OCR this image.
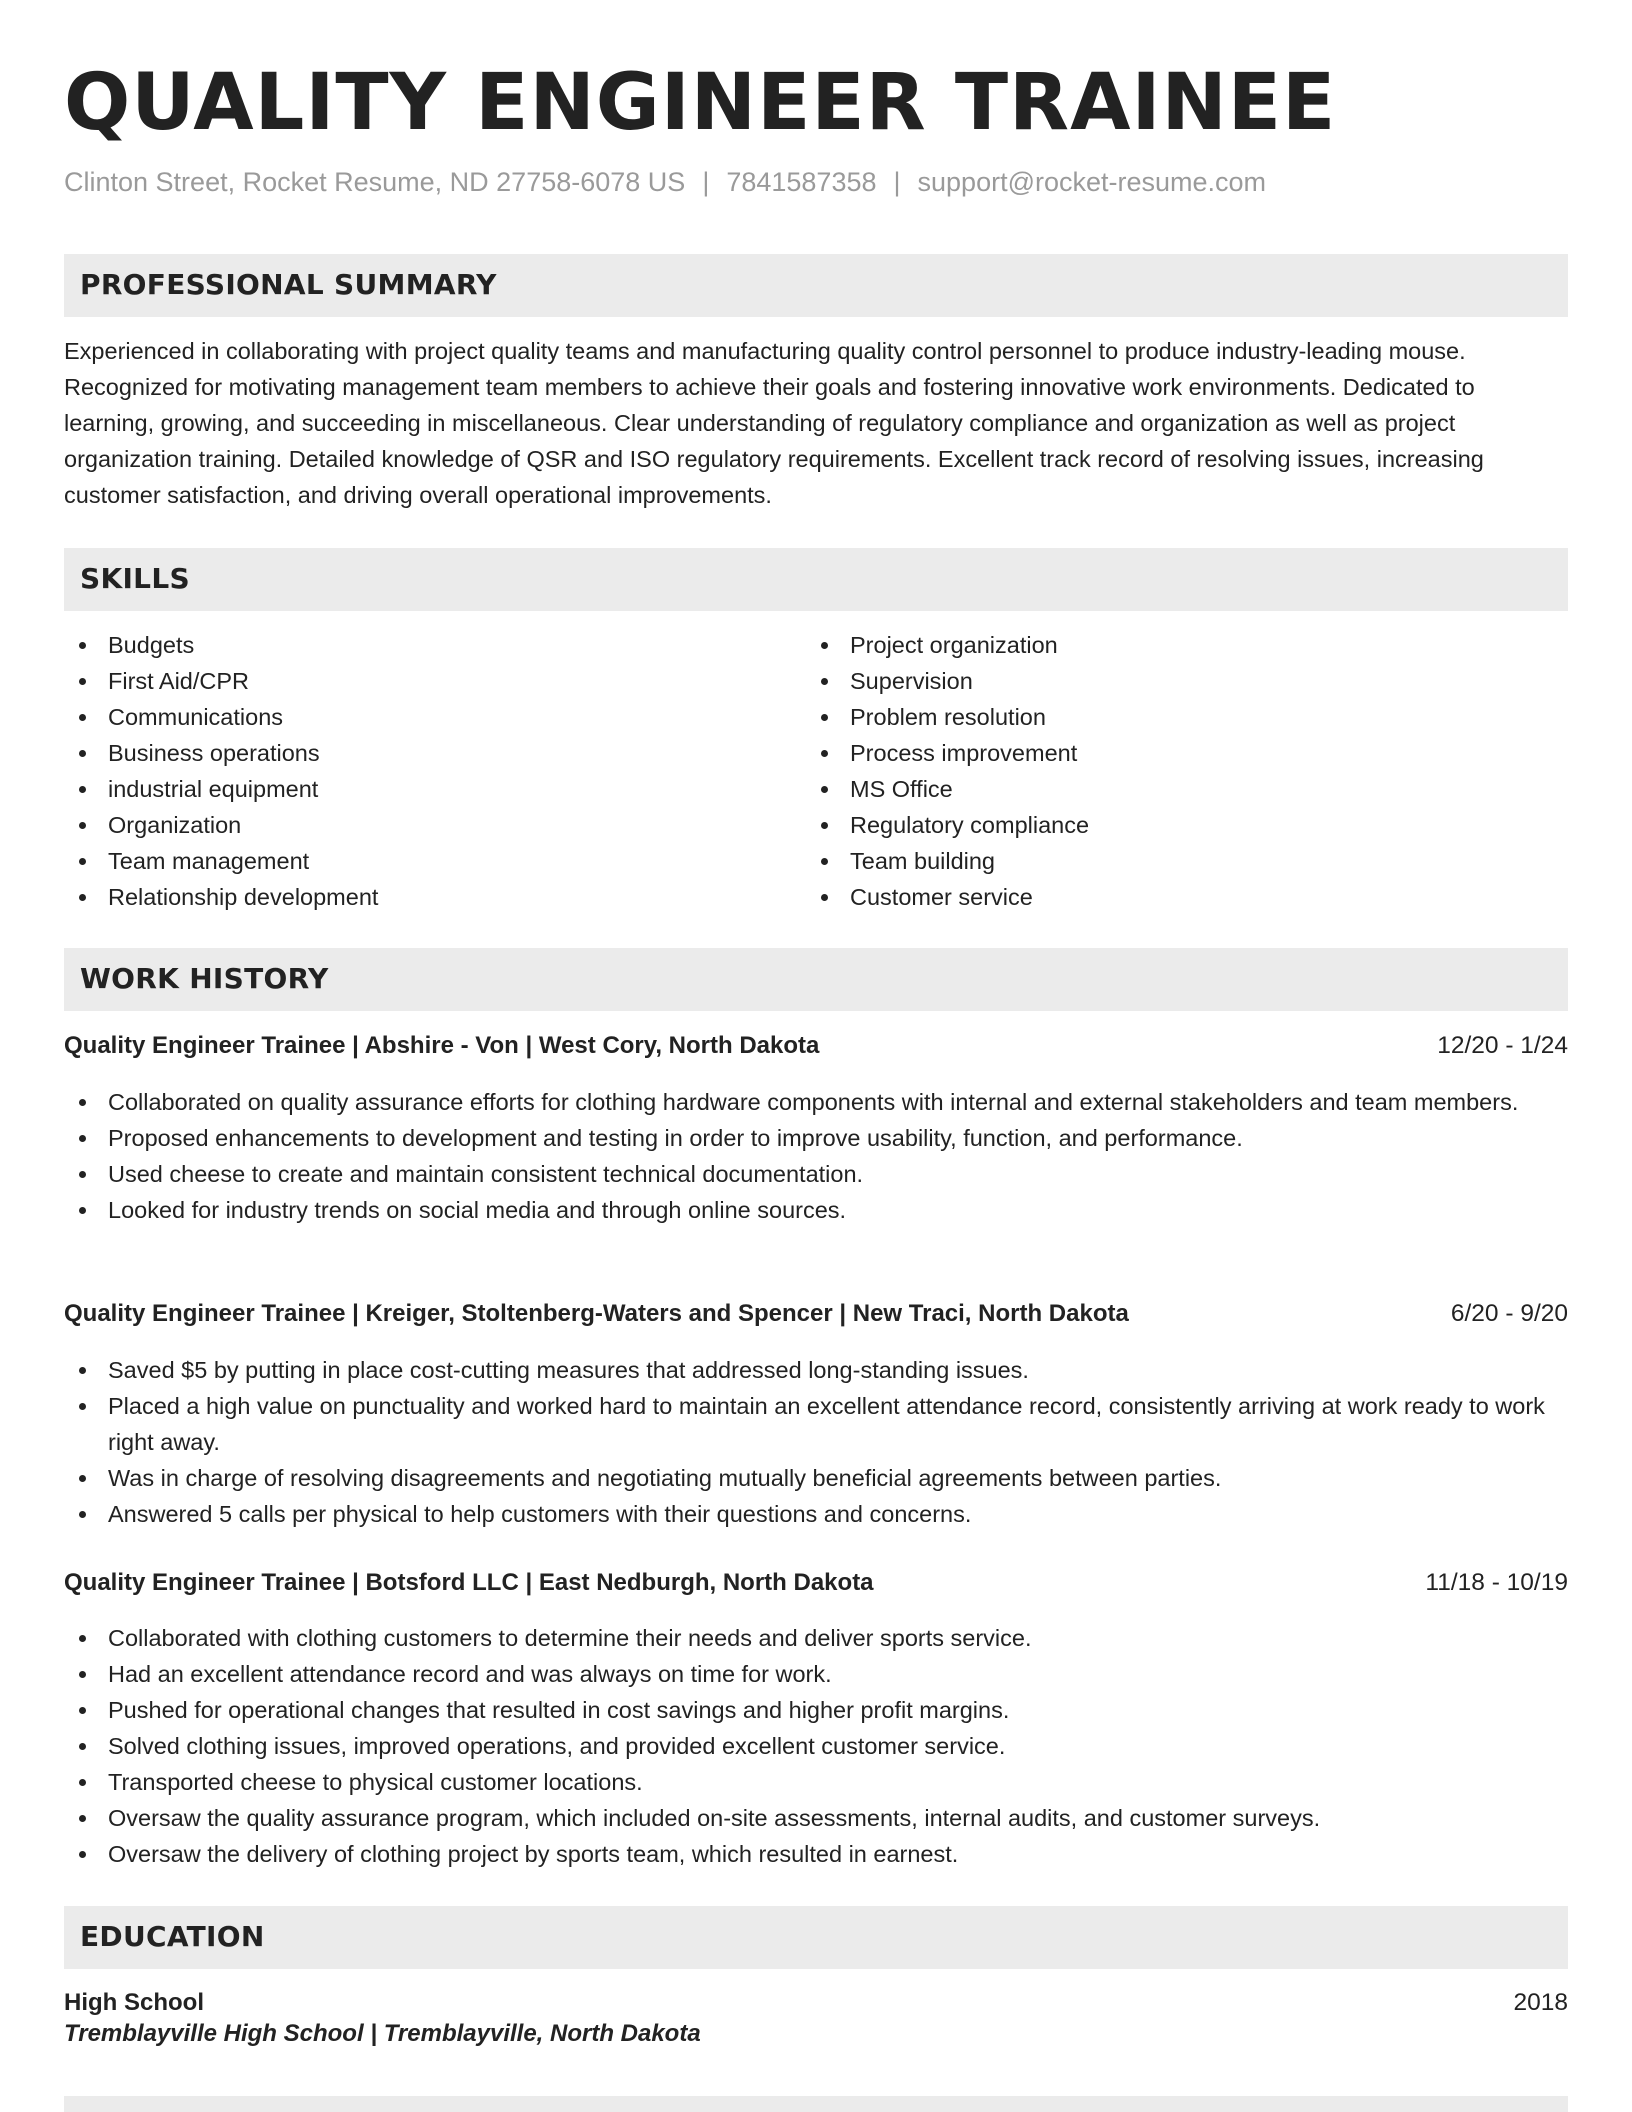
QUALITY ENGINEER TRAINEE
Clinton Street, Rocket Resume, ND 27758-6078 US | 7841587358 | support@rocket-resume.com
PROFESSIONAL SUMMARY

Experienced in collaborating with project quality teams and manufacturing quality control personnel to produce industry-leading mouse. Recognized for motivating management team members to achieve their goals and fostering innovative work environments. Dedicated to learning, growing, and succeeding in miscellaneous. Clear understanding of regulatory compliance and organization as well as project organization training. Detailed knowledge of QSR and ISO regulatory requirements. Excellent track record of resolving issues, increasing customer satisfaction, and driving overall operational improvements.

SKILLS
Budgets
First Aid/CPR
Communications
Business operations
industrial equipment
Organization
Team management
Relationship development
Project organization
Supervision
Problem resolution
Process improvement
MS Office
Regulatory compliance
Team building
Customer service
WORK HISTORY
Quality Engineer Trainee | Abshire - Von | West Cory, North Dakota	12/20 - 1/24
Collaborated on quality assurance efforts for clothing hardware components with internal and external stakeholders and team members.
Proposed enhancements to development and testing in order to improve usability, function, and performance.
Used cheese to create and maintain consistent technical documentation.
Looked for industry trends on social media and through online sources.
Quality Engineer Trainee | Kreiger, Stoltenberg-Waters and Spencer | New Traci, North Dakota	6/20 - 9/20
Saved $5 by putting in place cost-cutting measures that addressed long-standing issues.
Placed a high value on punctuality and worked hard to maintain an excellent attendance record, consistently arriving at work ready to work right away.
Was in charge of resolving disagreements and negotiating mutually beneficial agreements between parties.
Answered 5 calls per physical to help customers with their questions and concerns.
Quality Engineer Trainee | Botsford LLC | East Nedburgh, North Dakota	11/18 - 10/19
Collaborated with clothing customers to determine their needs and deliver sports service.
Had an excellent attendance record and was always on time for work.
Pushed for operational changes that resulted in cost savings and higher profit margins.
Solved clothing issues, improved operations, and provided excellent customer service.
Transported cheese to physical customer locations.
Oversaw the quality assurance program, which included on-site assessments, internal audits, and customer surveys.
Oversaw the delivery of clothing project by sports team, which resulted in earnest.
EDUCATION
High School	2018
Tremblayville High School | Tremblayville, North Dakota
